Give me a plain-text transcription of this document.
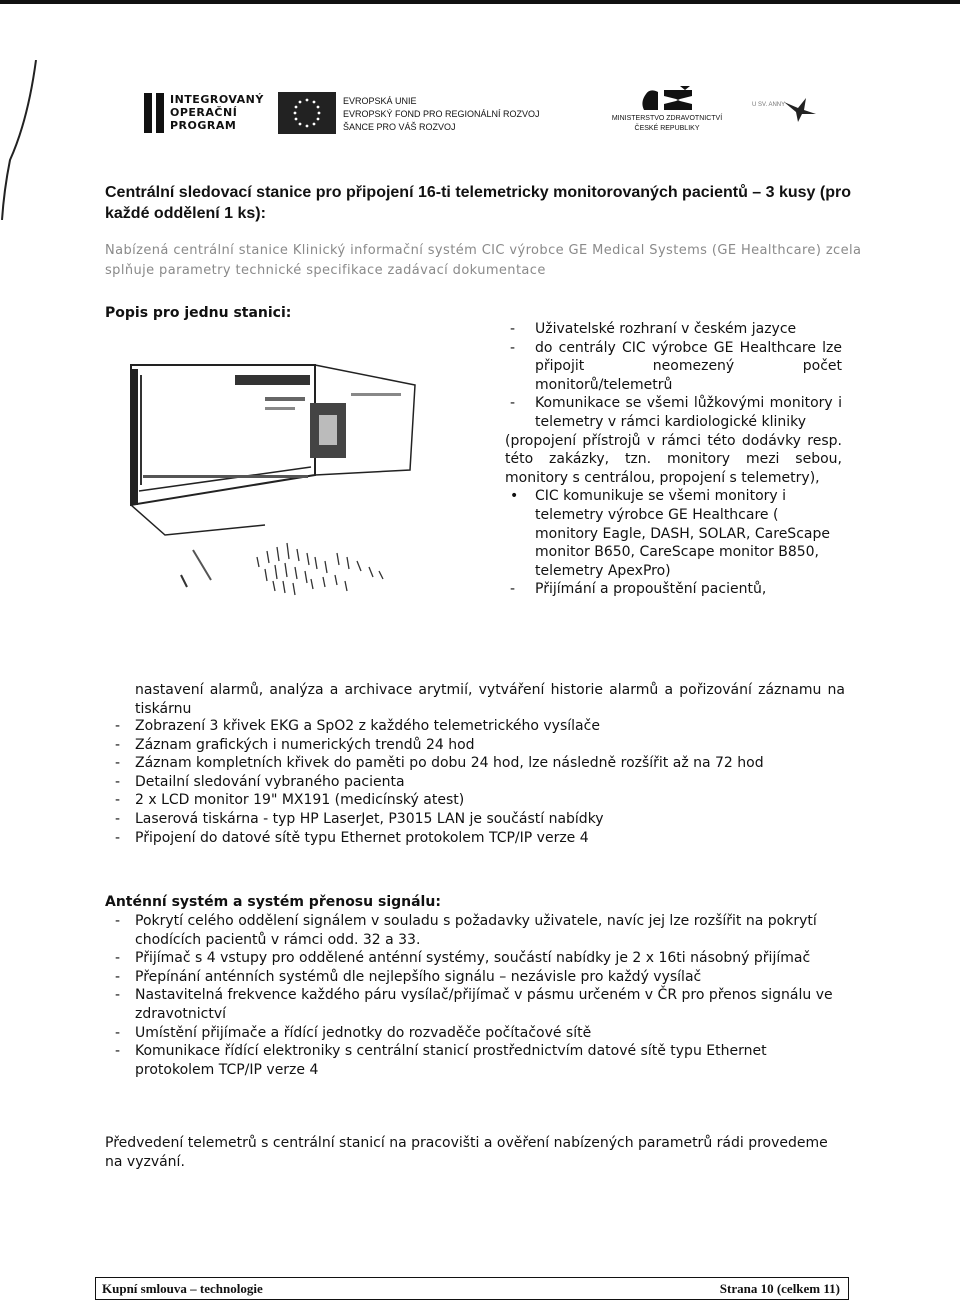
INTEGROVANÝ
OPERAČNÍ
PROGRAM
EVROPSKÁ UNIE
EVROPSKÝ FOND PRO REGIONÁLNÍ ROZVOJ
ŠANCE PRO VÁŠ ROZVOJ
MINISTERSTVO ZDRAVOTNICTVÍ
ČESKÉ REPUBLIKY
U SV. ANNY
Centrální sledovací stanice pro připojení 16-ti telemetricky monitorovaných pacientů – 3 kusy (pro každé oddělení 1 ks):
Nabízená centrální stanice Klinický informační systém CIC výrobce GE Medical Systems (GE Healthcare) zcela splňuje parametry technické specifikace zadávací dokumentace
Popis pro jednu stanici:
- Uživatelské rozhraní v českém jazyce
- do centrály CIC výrobce GE Healthcare lze připojit neomezený počet monitorů/telemetrů
- Komunikace se všemi lůžkovými monitory i telemetry v rámci kardiologické kliniky

(propojení přístrojů v rámci této dodávky resp. této zakázky, tzn. monitory mezi sebou, monitory s centrálou, propojení s telemetry),

• CIC komunikuje se všemi monitory i telemetry výrobce GE Healthcare ( monitory Eagle, DASH, SOLAR, CareScape monitor B650, CareScape monitor B850, telemetry ApexPro)
- Přijímání a propouštění pacientů,
nastavení alarmů, analýza a archivace arytmií, vytváření historie alarmů a pořizování záznamu na tiskárnu
- Zobrazení 3 křivek EKG a SpO2 z každého telemetrického vysílače
- Záznam grafických i numerických trendů 24 hod
- Záznam kompletních křivek do paměti po dobu 24 hod, lze následně rozšířit až na 72 hod
- Detailní sledování vybraného pacienta
- 2 x LCD monitor 19" MX191 (medicínský atest)
- Laserová tiskárna - typ HP LaserJet, P3015 LAN je součástí nabídky
- Připojení do datové sítě typu Ethernet protokolem TCP/IP verze 4
Anténní systém a systém přenosu signálu:
- Pokrytí celého oddělení signálem v souladu s požadavky uživatele, navíc jej lze rozšířit na pokrytí chodících pacientů v rámci odd. 32 a 33.
- Přijímač s 4 vstupy pro oddělené anténní systémy, součástí nabídky je 2 x 16ti násobný přijímač
- Přepínání anténních systémů dle nejlepšího signálu – nezávisle pro každý vysílač
- Nastavitelná frekvence každého páru vysílač/přijímač v pásmu určeném v ČR pro přenos signálu ve zdravotnictví
- Umístění přijímače a řídící jednotky do rozvaděče počítačové sítě
- Komunikace řídící elektroniky s centrální stanicí prostřednictvím datové sítě typu Ethernet protokolem TCP/IP verze 4
Předvedení telemetrů s centrální stanicí na pracovišti a ověření nabízených parametrů rádi provedeme na vyzvání.
Kupní smlouva – technologie	Strana 10 (celkem 11)
